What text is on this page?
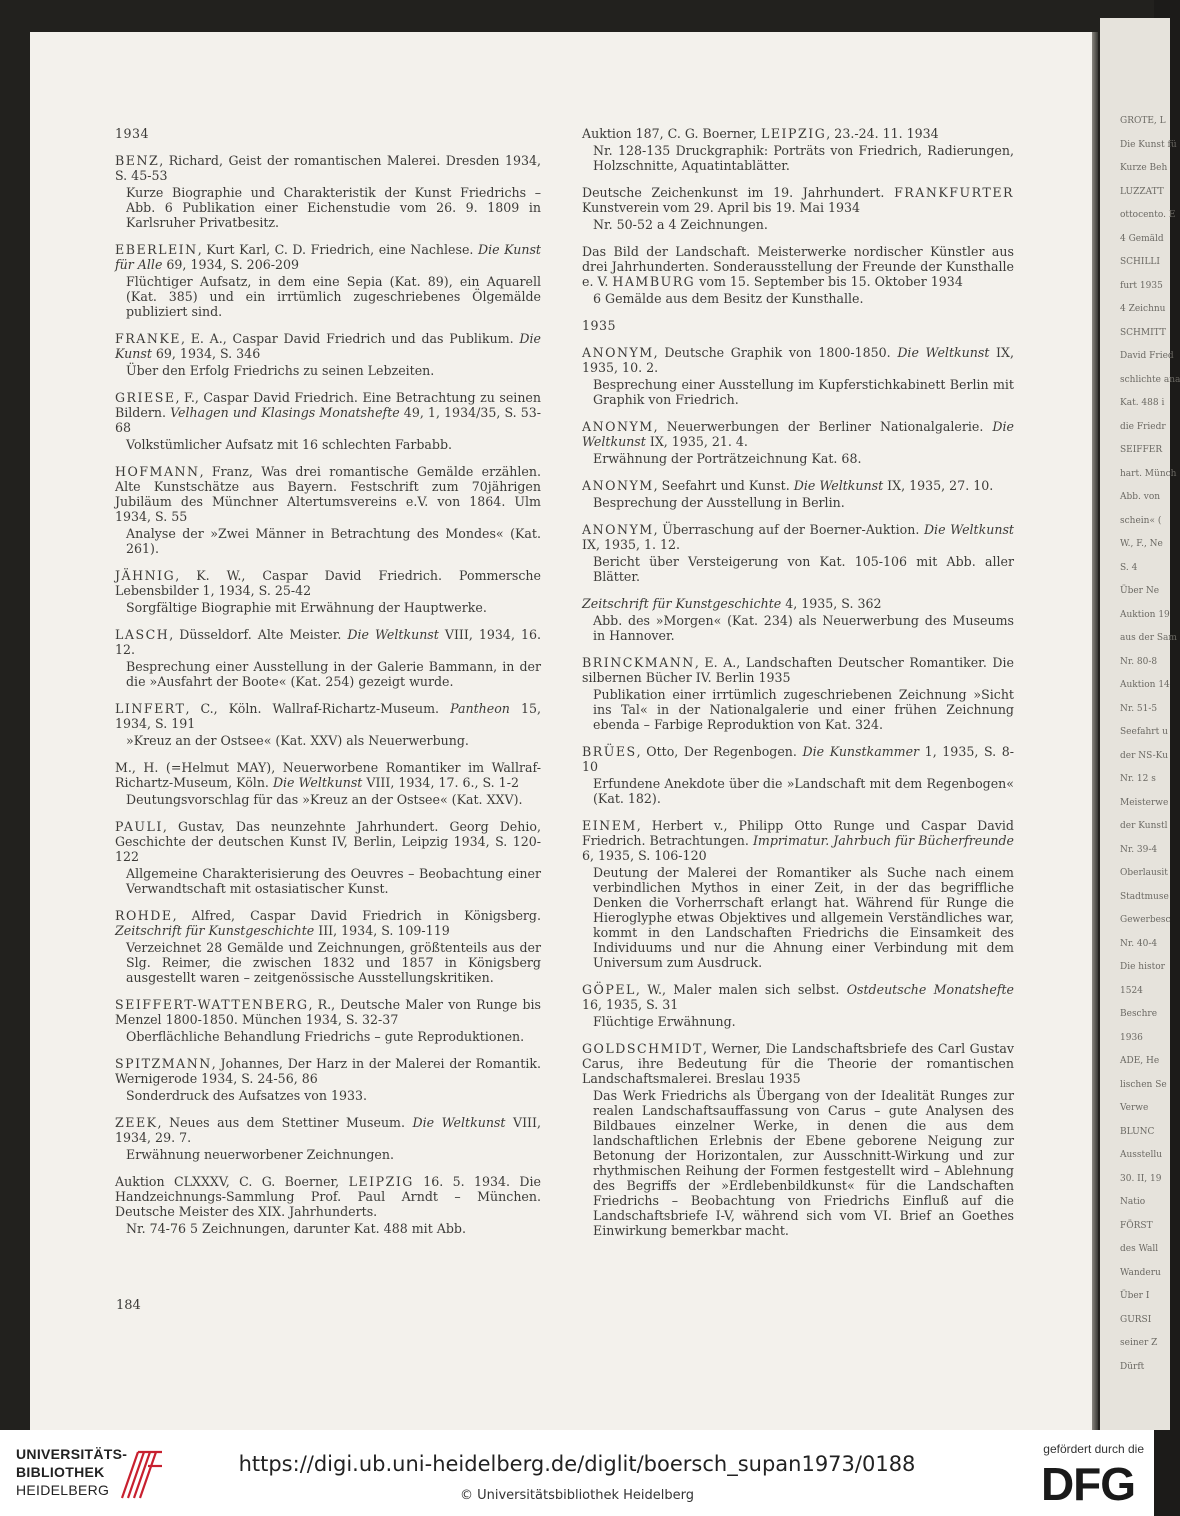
GROTE, L
Die Kunst fü
Kurze Beh
LUZZATT
ottocento. E
4 Gemäld
SCHILLI
furt 1935
4 Zeichnu
SCHMITT
David Fried
schlichte ana
Kat. 488 i
die Friedr
SEIFFER
hart. Münch
Abb. von
schein« (
W., F., Ne
S. 4
Über Ne
Auktion 19
aus der Sam
Nr. 80-8
Auktion 14
Nr. 51-5
Seefahrt u
der NS-Ku
Nr. 12 s
Meisterwe
der Kunstl
Nr. 39-4
Oberlausit
Stadtmuse
Gewerbesc
Nr. 40-4
Die histor
1524
Beschre
1936
ADE, He
lischen Se
Verwe
BLUNC
Ausstellu
30. II, 19
Natio
FÖRST
des Wall
Wanderu
Über I
GURSI
seiner Z
Dürft
1934
BENZ, Richard, Geist der romantischen Malerei. Dresden 1934, S. 45-53
Kurze Biographie und Charakteristik der Kunst Friedrichs – Abb. 6 Publikation einer Eichenstudie vom 26. 9. 1809 in Karlsruher Privatbesitz.
EBERLEIN, Kurt Karl, C. D. Friedrich, eine Nachlese. Die Kunst für Alle 69, 1934, S. 206-209
Flüchtiger Aufsatz, in dem eine Sepia (Kat. 89), ein Aquarell (Kat. 385) und ein irrtümlich zugeschriebenes Ölgemälde publiziert sind.
FRANKE, E. A., Caspar David Friedrich und das Publikum. Die Kunst 69, 1934, S. 346
Über den Erfolg Friedrichs zu seinen Lebzeiten.
GRIESE, F., Caspar David Friedrich. Eine Betrachtung zu seinen Bildern. Velhagen und Klasings Monatshefte 49, 1, 1934/35, S. 53-68
Volkstümlicher Aufsatz mit 16 schlechten Farbabb.
HOFMANN, Franz, Was drei romantische Gemälde erzählen. Alte Kunstschätze aus Bayern. Festschrift zum 70jährigen Jubiläum des Münchner Altertumsvereins e.V. von 1864. Ulm 1934, S. 55
Analyse der »Zwei Männer in Betrachtung des Mondes« (Kat. 261).
JÄHNIG, K. W., Caspar David Friedrich. Pommersche Lebensbilder 1, 1934, S. 25-42
Sorgfältige Biographie mit Erwähnung der Hauptwerke.
LASCH, Düsseldorf. Alte Meister. Die Weltkunst VIII, 1934, 16. 12.
Besprechung einer Ausstellung in der Galerie Bammann, in der die »Ausfahrt der Boote« (Kat. 254) gezeigt wurde.
LINFERT, C., Köln. Wallraf-Richartz-Museum. Pantheon 15, 1934, S. 191
»Kreuz an der Ostsee« (Kat. XXV) als Neuerwerbung.
M., H. (=Helmut MAY), Neuerworbene Romantiker im Wallraf-Richartz-Museum, Köln. Die Weltkunst VIII, 1934, 17. 6., S. 1-2
Deutungsvorschlag für das »Kreuz an der Ostsee« (Kat. XXV).
PAULI, Gustav, Das neunzehnte Jahrhundert. Georg Dehio, Geschichte der deutschen Kunst IV, Berlin, Leipzig 1934, S. 120-122
Allgemeine Charakterisierung des Oeuvres – Beobachtung einer Verwandtschaft mit ostasiatischer Kunst.
ROHDE, Alfred, Caspar David Friedrich in Königsberg. Zeitschrift für Kunstgeschichte III, 1934, S. 109-119
Verzeichnet 28 Gemälde und Zeichnungen, größtenteils aus der Slg. Reimer, die zwischen 1832 und 1857 in Königsberg ausgestellt waren – zeitgenössische Ausstellungskritiken.
SEIFFERT-WATTENBERG, R., Deutsche Maler von Runge bis Menzel 1800-1850. München 1934, S. 32-37
Oberflächliche Behandlung Friedrichs – gute Reproduktionen.
SPITZMANN, Johannes, Der Harz in der Malerei der Romantik. Wernigerode 1934, S. 24-56, 86
Sonderdruck des Aufsatzes von 1933.
ZEEK, Neues aus dem Stettiner Museum. Die Weltkunst VIII, 1934, 29. 7.
Erwähnung neuerworbener Zeichnungen.
Auktion CLXXXV, C. G. Boerner, LEIPZIG 16. 5. 1934. Die Handzeichnungs-Sammlung Prof. Paul Arndt – München. Deutsche Meister des XIX. Jahrhunderts.
Nr. 74-76 5 Zeichnungen, darunter Kat. 488 mit Abb.
Auktion 187, C. G. Boerner, LEIPZIG, 23.-24. 11. 1934
Nr. 128-135 Druckgraphik: Porträts von Friedrich, Radierungen, Holzschnitte, Aquatintablätter.
Deutsche Zeichenkunst im 19. Jahrhundert. FRANKFURTER Kunstverein vom 29. April bis 19. Mai 1934
Nr. 50-52 a 4 Zeichnungen.
Das Bild der Landschaft. Meisterwerke nordischer Künstler aus drei Jahrhunderten. Sonderausstellung der Freunde der Kunsthalle e. V. HAMBURG vom 15. September bis 15. Oktober 1934
6 Gemälde aus dem Besitz der Kunsthalle.
1935
ANONYM, Deutsche Graphik von 1800-1850. Die Weltkunst IX, 1935, 10. 2.
Besprechung einer Ausstellung im Kupferstichkabinett Berlin mit Graphik von Friedrich.
ANONYM, Neuerwerbungen der Berliner Nationalgalerie. Die Weltkunst IX, 1935, 21. 4.
Erwähnung der Porträtzeichnung Kat. 68.
ANONYM, Seefahrt und Kunst. Die Weltkunst IX, 1935, 27. 10.
Besprechung der Ausstellung in Berlin.
ANONYM, Überraschung auf der Boerner-Auktion. Die Weltkunst IX, 1935, 1. 12.
Bericht über Versteigerung von Kat. 105-106 mit Abb. aller Blätter.
Zeitschrift für Kunstgeschichte 4, 1935, S. 362
Abb. des »Morgen« (Kat. 234) als Neuerwerbung des Museums in Hannover.
BRINCKMANN, E. A., Landschaften Deutscher Romantiker. Die silbernen Bücher IV. Berlin 1935
Publikation einer irrtümlich zugeschriebenen Zeichnung »Sicht ins Tal« in der Nationalgalerie und einer frühen Zeichnung ebenda – Farbige Reproduktion von Kat. 324.
BRÜES, Otto, Der Regenbogen. Die Kunstkammer 1, 1935, S. 8-10
Erfundene Anekdote über die »Landschaft mit dem Regenbogen« (Kat. 182).
EINEM, Herbert v., Philipp Otto Runge und Caspar David Friedrich. Betrachtungen. Imprimatur. Jahrbuch für Bücherfreunde 6, 1935, S. 106-120
Deutung der Malerei der Romantiker als Suche nach einem verbindlichen Mythos in einer Zeit, in der das begriffliche Denken die Vorherrschaft erlangt hat. Während für Runge die Hieroglyphe etwas Objektives und allgemein Verständliches war, kommt in den Landschaften Friedrichs die Einsamkeit des Individuums und nur die Ahnung einer Verbindung mit dem Universum zum Ausdruck.
GÖPEL, W., Maler malen sich selbst. Ostdeutsche Monatshefte 16, 1935, S. 31
Flüchtige Erwähnung.
GOLDSCHMIDT, Werner, Die Landschaftsbriefe des Carl Gustav Carus, ihre Bedeutung für die Theorie der romantischen Landschaftsmalerei. Breslau 1935
Das Werk Friedrichs als Übergang von der Idealität Runges zur realen Landschaftsauffassung von Carus – gute Analysen des Bildbaues einzelner Werke, in denen die aus dem landschaftlichen Erlebnis der Ebene geborene Neigung zur Betonung der Horizontalen, zur Ausschnitt-Wirkung und zur rhythmischen Reihung der Formen festgestellt wird – Ablehnung des Begriffs der »Erdlebenbildkunst« für die Landschaften Friedrichs – Beobachtung von Friedrichs Einfluß auf die Landschaftsbriefe I-V, während sich vom VI. Brief an Goethes Einwirkung bemerkbar macht.
184
UNIVERSITÄTS-
BIBLIOTHEK
HEIDELBERG
https://digi.ub.uni-heidelberg.de/diglit/boersch_supan1973/0188
© Universitätsbibliothek Heidelberg
gefördert durch die
DFG
